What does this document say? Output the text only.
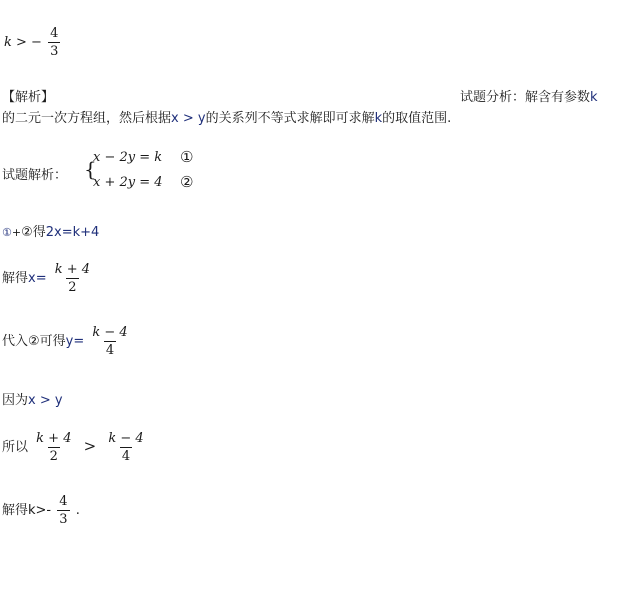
k > − $\frac{4}{3}$
【解析】	试题分析：解含有参数k
的二元一次方程组，然后根据x > y的关系列不等式求解即可求解k的取值范围.
试题解析： {
x − 2y = k ①
x + 2y = 4 ②
①+②得2x=k+4
解得$x= \frac{k + 4}{2}$
代入②可得$y= \frac{k - 4}{4}$
因为x > y
所以 $\frac{k + 4}{2} > \frac{k - 4}{4}$
解得$k>- \frac{4}{3}$ .
